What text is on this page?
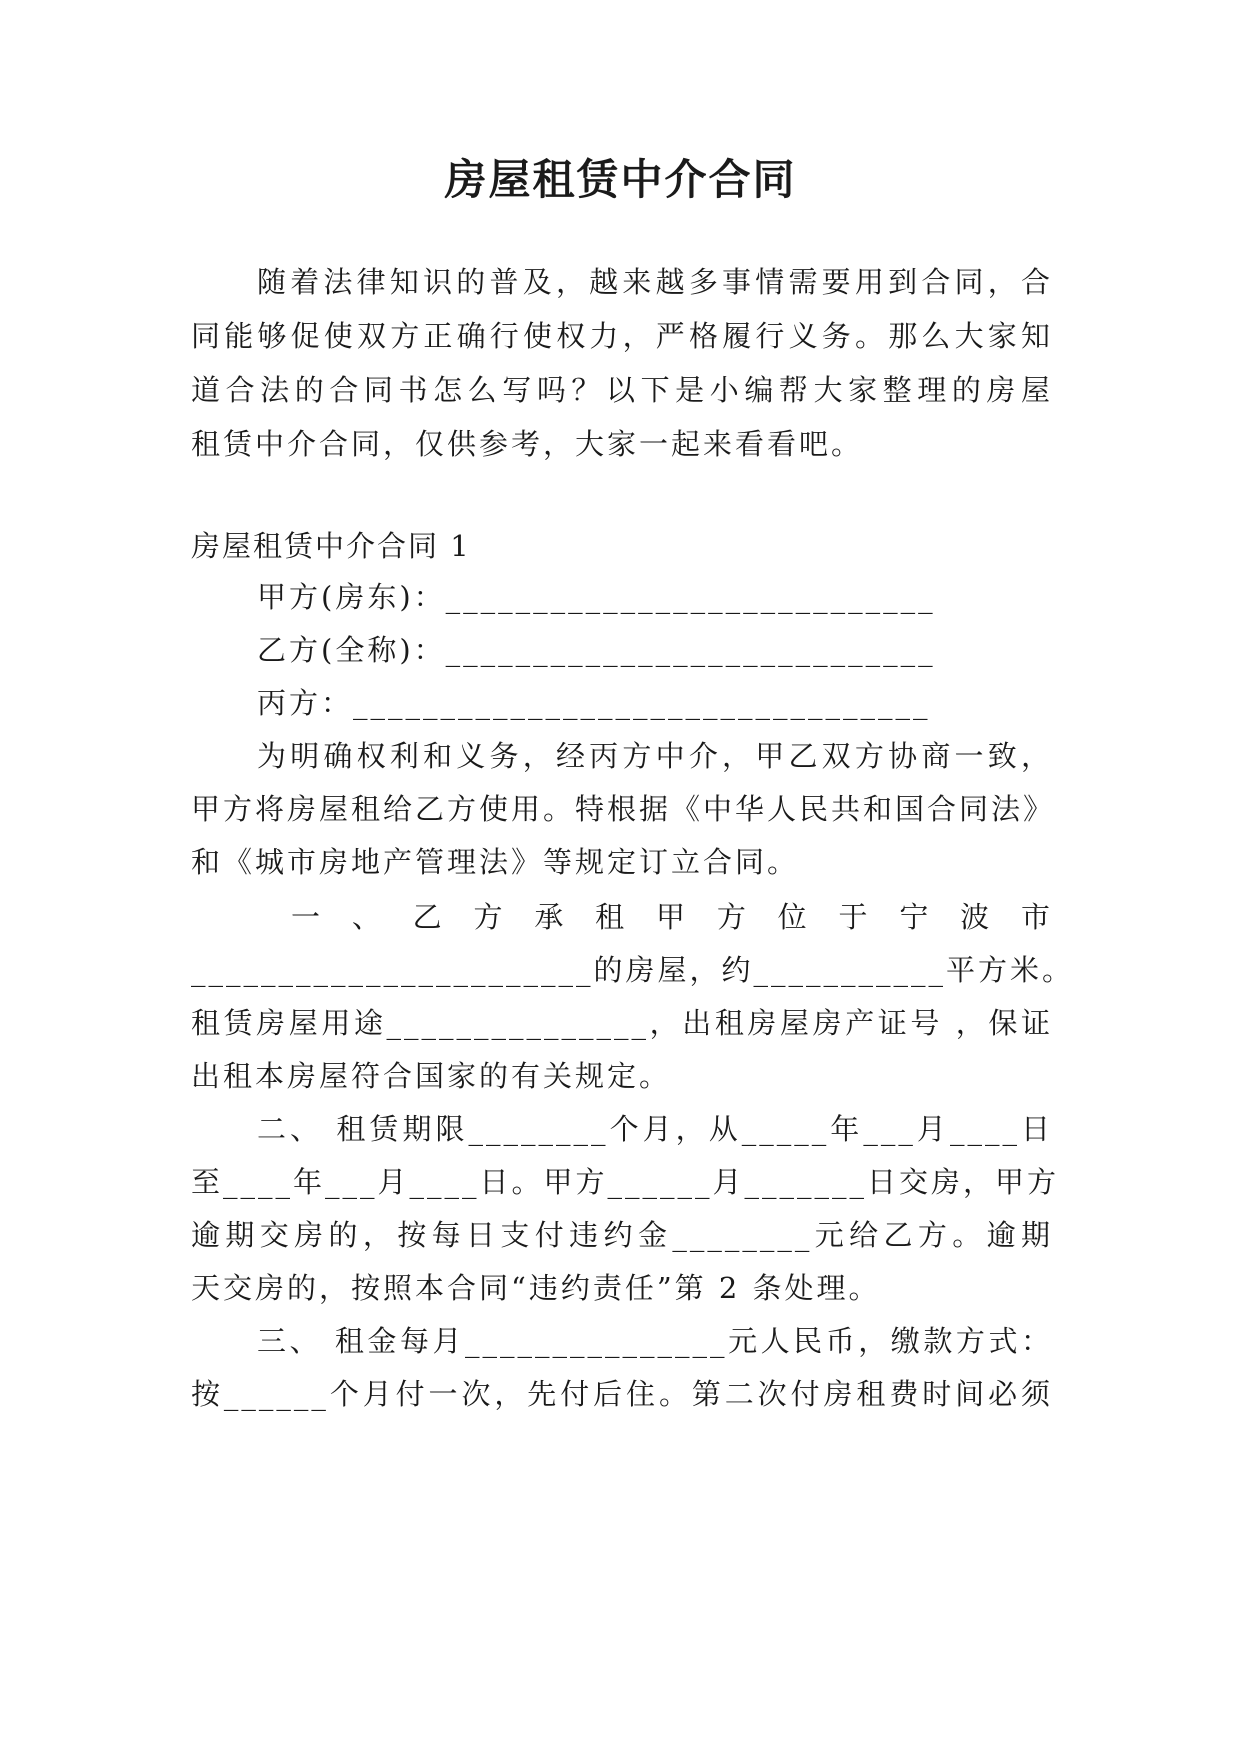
房屋租赁中介合同
随着法律知识的普及，越来越多事情需要用到合同，合
同能够促使双方正确行使权力，严格履行义务。那么大家知
道合法的合同书怎么写吗？以下是小编帮大家整理的房屋
租赁中介合同，仅供参考，大家一起来看看吧。
房屋租赁中介合同 1
甲方(房东)：____________________________
乙方(全称)：____________________________
丙方：_________________________________
为明确权利和义务，经丙方中介，甲乙双方协商一致，
甲方将房屋租给乙方使用。特根据《中华人民共和国合同法》
和《城市房地产管理法》等规定订立合同。
一 、 乙 方 承 租 甲 方 位 于 宁 波 市
_______________________的房屋，约___________平方米。
租赁房屋用途_______________，出租房屋房产证号 ，保证
出租本房屋符合国家的有关规定。
二、 租赁期限________个月，从_____年___月____日
至____年___月____日。甲方______月_______日交房，甲方
逾期交房的，按每日支付违约金________元给乙方。逾期
天交房的，按照本合同“违约责任”第 2 条处理。
三、 租金每月_______________元人民币，缴款方式：
按______个月付一次，先付后住。第二次付房租费时间必须
